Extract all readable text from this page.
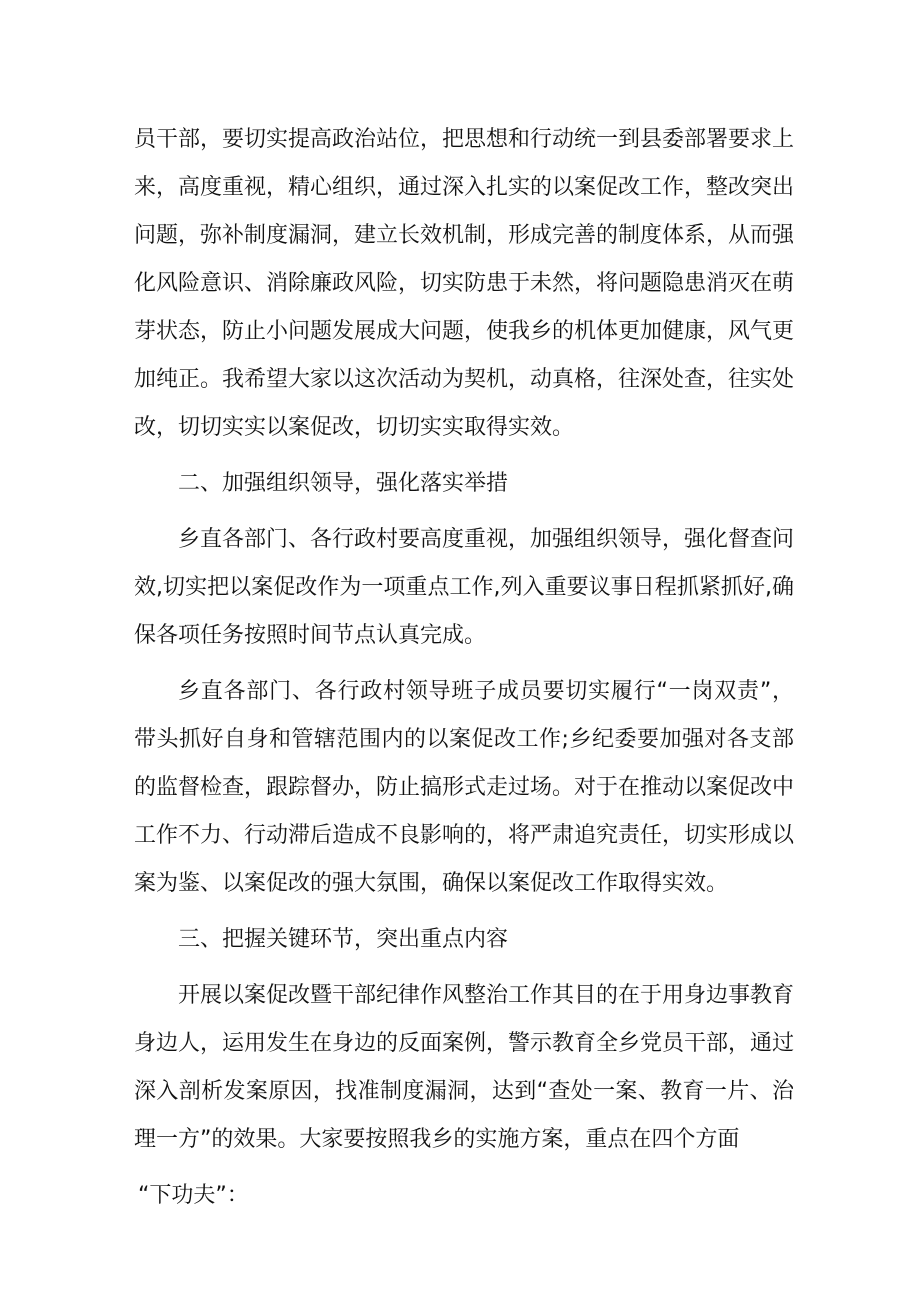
员干部，要切实提高政治站位，把思想和行动统一到县委部署要求上来，高度重视，精心组织，通过深入扎实的以案促改工作，整改突出问题，弥补制度漏洞，建立长效机制，形成完善的制度体系，从而强化风险意识、消除廉政风险，切实防患于未然，将问题隐患消灭在萌芽状态，防止小问题发展成大问题，使我乡的机体更加健康，风气更加纯正。我希望大家以这次活动为契机，动真格，往深处查，往实处改，切切实实以案促改，切切实实取得实效。

二、加强组织领导，强化落实举措

乡直各部门、各行政村要高度重视，加强组织领导，强化督查问效,切实把以案促改作为一项重点工作,列入重要议事日程抓紧抓好,确保各项任务按照时间节点认真完成。

乡直各部门、各行政村领导班子成员要切实履行“一岗双责”，带头抓好自身和管辖范围内的以案促改工作;乡纪委要加强对各支部的监督检查，跟踪督办，防止搞形式走过场。对于在推动以案促改中工作不力、行动滞后造成不良影响的，将严肃追究责任，切实形成以案为鉴、以案促改的强大氛围，确保以案促改工作取得实效。

三、把握关键环节，突出重点内容

开展以案促改暨干部纪律作风整治工作其目的在于用身边事教育身边人，运用发生在身边的反面案例，警示教育全乡党员干部，通过深入剖析发案原因，找准制度漏洞，达到“查处一案、教育一片、治理一方”的效果。大家要按照我乡的实施方案，重点在四个方面

“下功夫”：
